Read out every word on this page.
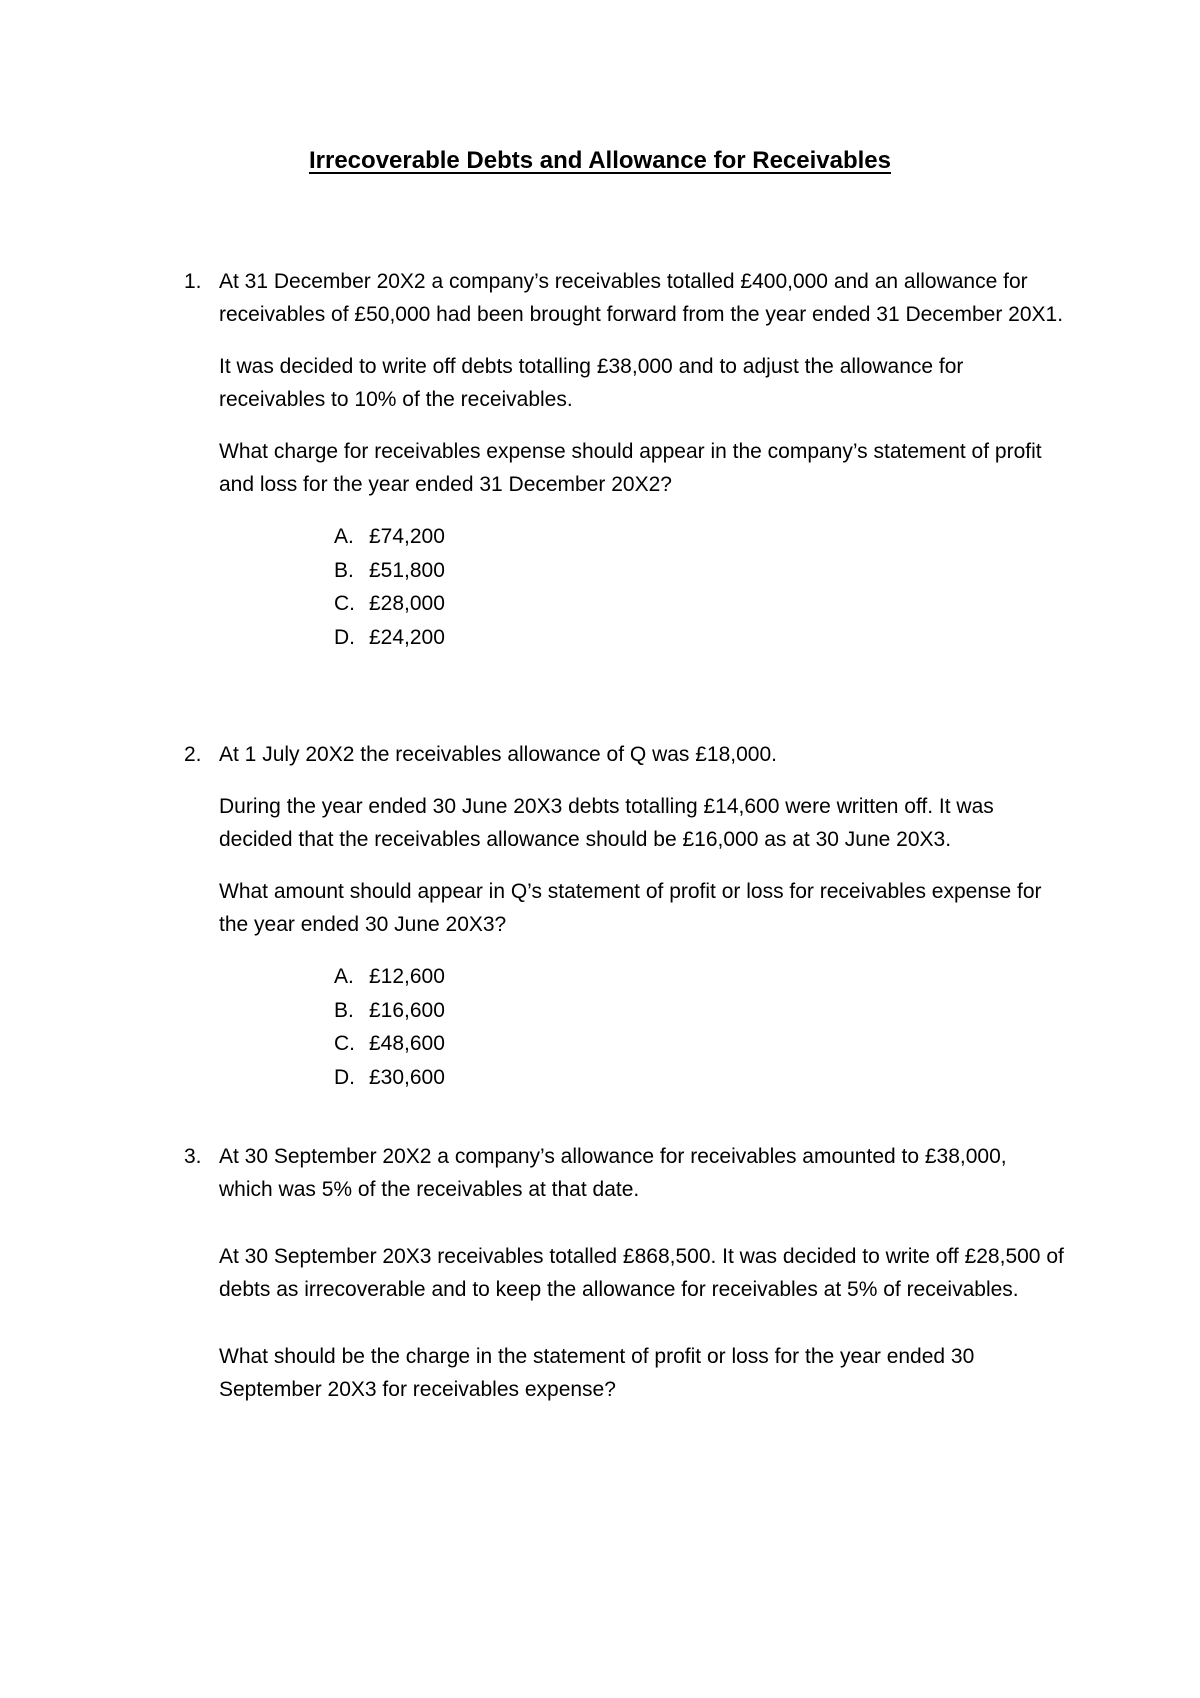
Irrecoverable Debts and Allowance for Receivables
1. At 31 December 20X2 a company’s receivables totalled £400,000 and an allowance for receivables of £50,000 had been brought forward from the year ended 31 December 20X1.

It was decided to write off debts totalling £38,000 and to adjust the allowance for receivables to 10% of the receivables.

What charge for receivables expense should appear in the company’s statement of profit and loss for the year ended 31 December 20X2?

A. £74,200
B. £51,800
C. £28,000
D. £24,200
2. At 1 July 20X2 the receivables allowance of Q was £18,000.

During the year ended 30 June 20X3 debts totalling £14,600 were written off. It was decided that the receivables allowance should be £16,000 as at 30 June 20X3.

What amount should appear in Q’s statement of profit or loss for receivables expense for the year ended 30 June 20X3?

A. £12,600
B. £16,600
C. £48,600
D. £30,600
3. At 30 September 20X2 a company’s allowance for receivables amounted to £38,000, which was 5% of the receivables at that date.

At 30 September 20X3 receivables totalled £868,500. It was decided to write off £28,500 of debts as irrecoverable and to keep the allowance for receivables at 5% of receivables.

What should be the charge in the statement of profit or loss for the year ended 30 September 20X3 for receivables expense?
